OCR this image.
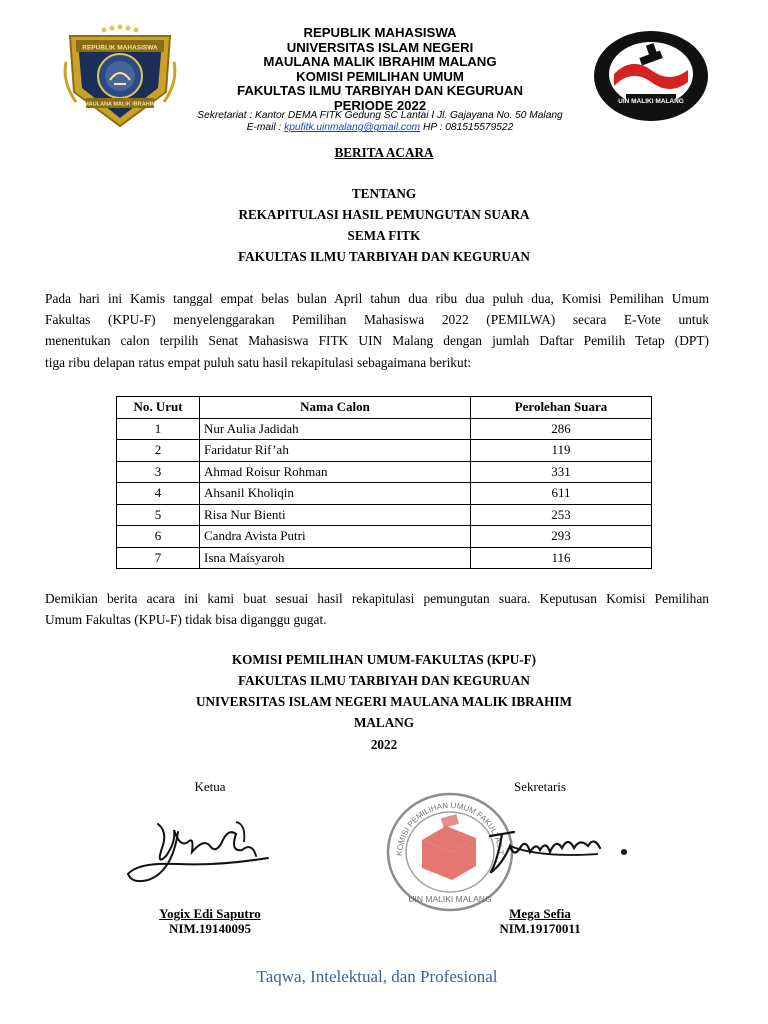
REPUBLIK MAHASISWA
MAULANA MALIK IBRAHIM
REPUBLIK MAHASISWA
UNIVERSITAS ISLAM NEGERI
MAULANA MALIK IBRAHIM MALANG
KOMISI PEMILIHAN UMUM
FAKULTAS ILMU TARBIYAH DAN KEGURUAN
PERIODE 2022
Sekretariat : Kantor DEMA FITK Gedung SC Lantai I Jl. Gajayana No. 50 Malang
E-mail : kpufitk.uinmalang@gmail.com HP : 081515579522
UIN MALIKI MALANG
BERITA ACARA
TENTANG
REKAPITULASI HASIL PEMUNGUTAN SUARA
SEMA FITK
FAKULTAS ILMU TARBIYAH DAN KEGURUAN
Pada hari ini Kamis tanggal empat belas bulan April tahun dua ribu dua puluh dua, Komisi Pemilihan Umum
Fakultas (KPU-F) menyelenggarakan Pemilihan Mahasiswa 2022 (PEMILWA) secara E-Vote untuk
menentukan calon terpilih Senat Mahasiswa FITK UIN Malang dengan jumlah Daftar Pemilih Tetap (DPT)
tiga ribu delapan ratus empat puluh satu hasil rekapitulasi sebagaimana berikut:
No. Urut	Nama Calon	Perolehan Suara
1	Nur Aulia Jadidah	286
2	Faridatur Rif’ah	119
3	Ahmad Roisur Rohman	331
4	Ahsanil Kholiqin	611
5	Risa Nur Bienti	253
6	Candra Avista Putri	293
7	Isna Maisyaroh	116
Demikian berita acara ini kami buat sesuai hasil rekapitulasi pemungutan suara. Keputusan Komisi Pemilihan
Umum Fakultas (KPU-F) tidak bisa diganggu gugat.
KOMISI PEMILIHAN UMUM-FAKULTAS (KPU-F)
FAKULTAS ILMU TARBIYAH DAN KEGURUAN
UNIVERSITAS ISLAM NEGERI MAULANA MALIK IBRAHIM
MALANG
2022
Ketua	Sekretaris
KOMISI PEMILIHAN UMUM FAKULTAS T
UIN MALIKI MALANG
Yogix Edi Saputro
NIM.19140095
Mega Sefia
NIM.19170011
Taqwa, Intelektual, dan Profesional
